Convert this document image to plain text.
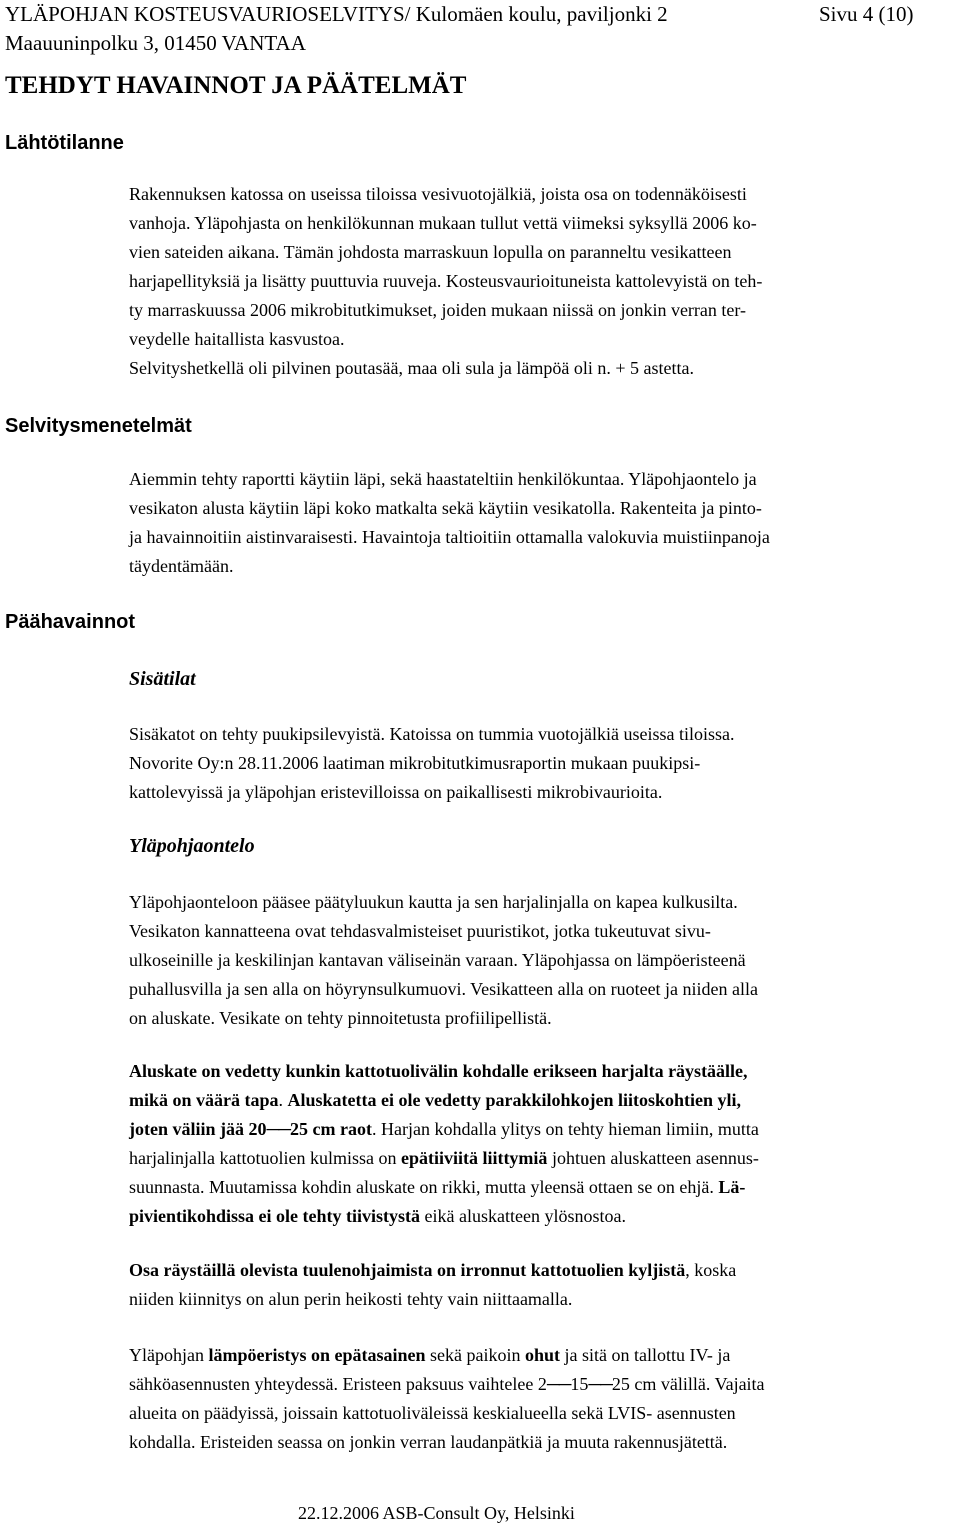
YLÄPOHJAN KOSTEUSVAURIOSELVITYS/ Kulomäen koulu, paviljonki 2	Sivu 4 (10)
Maauuninpolku 3, 01450 VANTAA
TEHDYT HAVAINNOT JA PÄÄTELMÄT
Lähtötilanne
Selvitysmenetelmät
Päähavainnot
Rakennuksen katossa on useissa tiloissa vesivuotojälkiä, joista osa on todennäköisesti
vanhoja. Yläpohjasta on henkilökunnan mukaan tullut vettä viimeksi syksyllä 2006 ko-
vien sateiden aikana. Tämän johdosta marraskuun lopulla on paranneltu vesikatteen
harjapellityksiä ja lisätty puuttuvia ruuveja. Kosteusvaurioituneista kattolevyistä on teh-
ty marraskuussa 2006 mikrobitutkimukset, joiden mukaan niissä on jonkin verran ter-
veydelle haitallista kasvustoa.
Selvityshetkellä oli pilvinen poutasää, maa oli sula ja lämpöä oli n. + 5 astetta.
Aiemmin tehty raportti käytiin läpi, sekä haastateltiin henkilökuntaa. Yläpohjaontelo ja
vesikaton alusta käytiin läpi koko matkalta sekä käytiin vesikatolla. Rakenteita ja pinto-
ja havainnoitiin aistinvaraisesti. Havaintoja taltioitiin ottamalla valokuvia muistiinpanoja
täydentämään.
Sisätilat
Sisäkatot on tehty puukipsilevyistä. Katoissa on tummia vuotojälkiä useissa tiloissa.
Novorite Oy:n 28.11.2006 laatiman mikrobitutkimusraportin mukaan puukipsi-
kattolevyissä ja yläpohjan eristevilloissa on paikallisesti mikrobivaurioita.
Yläpohjaontelo
Yläpohjaonteloon pääsee päätyluukun kautta ja sen harjalinjalla on kapea kulkusilta.
Vesikaton kannatteena ovat tehdasvalmisteiset puuristikot, jotka tukeutuvat sivu-
ulkoseinille ja keskilinjan kantavan väliseinän varaan. Yläpohjassa on lämpöeristeenä
puhallusvilla ja sen alla on höyrynsulkumuovi. Vesikatteen alla on ruoteet ja niiden alla
on aluskate. Vesikate on tehty pinnoitetusta profiilipellistä.
Aluskate on vedetty kunkin kattotuolivälin kohdalle erikseen harjalta räystäälle,
mikä on väärä tapa. Aluskatetta ei ole vedetty parakkilohkojen liitoskohtien yli,
joten väliin jää 20──25 cm raot. Harjan kohdalla ylitys on tehty hieman limiin, mutta
harjalinjalla kattotuolien kulmissa on epätiiviitä liittymiä johtuen aluskatteen asennus-
suunnasta. Muutamissa kohdin aluskate on rikki, mutta yleensä ottaen se on ehjä. Lä-
pivientikohdissa ei ole tehty tiivistystä eikä aluskatteen ylösnostoa.
Osa räystäillä olevista tuulenohjaimista on irronnut kattotuolien kyljistä, koska
niiden kiinnitys on alun perin heikosti tehty vain niittaamalla.
Yläpohjan lämpöeristys on epätasainen sekä paikoin ohut ja sitä on tallottu IV- ja
sähköasennusten yhteydessä. Eristeen paksuus vaihtelee 2──15──25 cm välillä. Vajaita
alueita on päädyissä, joissain kattotuoliväleissä keskialueella sekä LVIS- asennusten
kohdalla. Eristeiden seassa on jonkin verran laudanpätkiä ja muuta rakennusjätettä.
22.12.2006 ASB-Consult Oy, Helsinki
